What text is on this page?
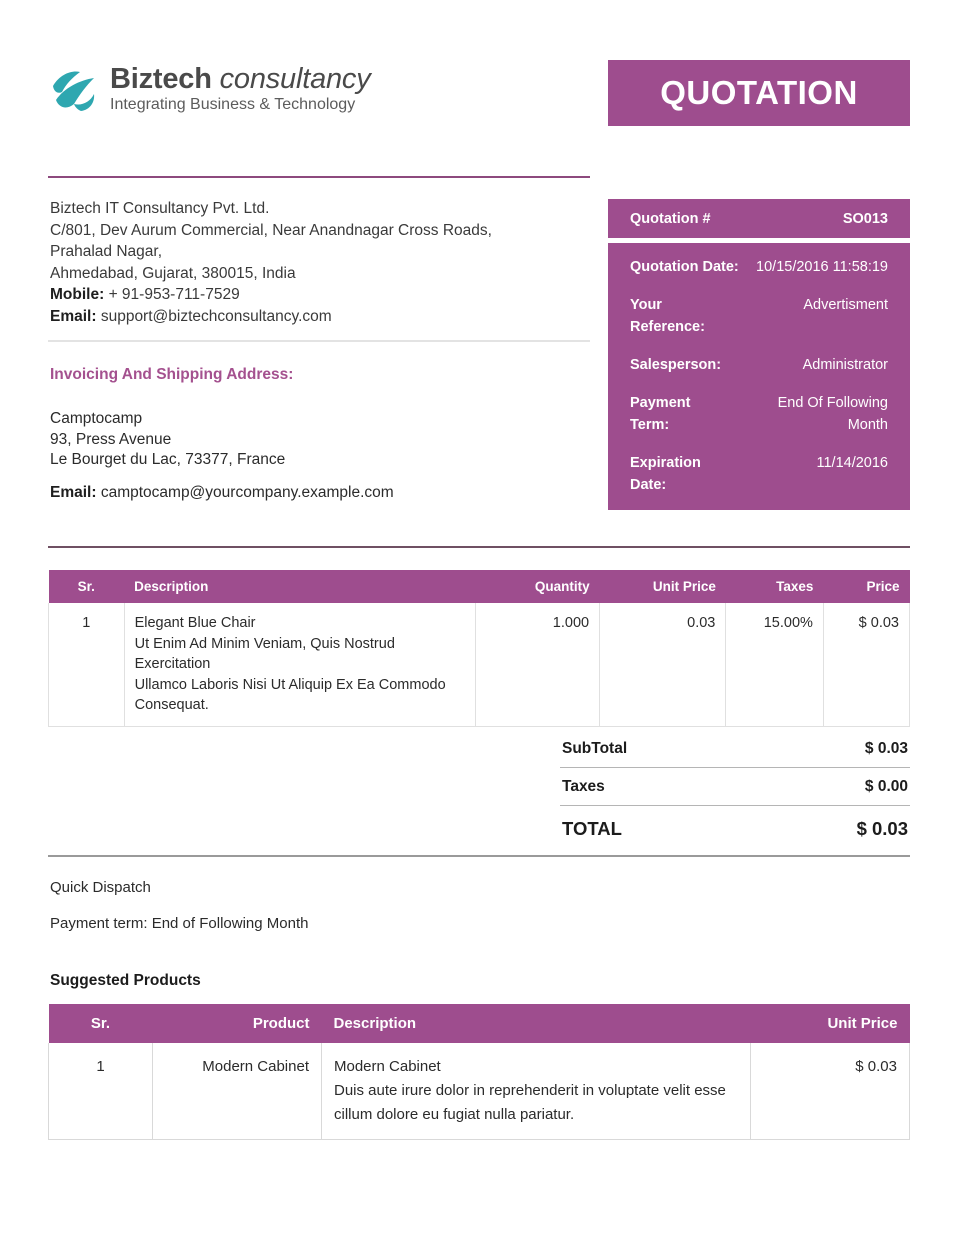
Biztech consultancy
Integrating Business & Technology	QUOTATION
Biztech IT Consultancy Pvt. Ltd.
C/801, Dev Aurum Commercial, Near Anandnagar Cross Roads,
Prahalad Nagar,
Ahmedabad, Gujarat, 380015, India
Mobile: + 91-953-711-7529
Email: support@biztechconsultancy.com
Invoicing And Shipping Address:
Camptocamp
93, Press Avenue
Le Bourget du Lac, 73377, France
Email: camptocamp@yourcompany.example.com
Quotation #	SO013
Quotation Date: 10/15/2016 11:58:19
Your Reference:
Advertisment
Salesperson:	Administrator
Payment Term:
End Of Following Month
Expiration Date:
11/14/2016
Sr.	Description	Quantity	Unit Price	Taxes	Price
1	Elegant Blue Chair
Ut Enim Ad Minim Veniam, Quis Nostrud Exercitation
Ullamco Laboris Nisi Ut Aliquip Ex Ea Commodo
Consequat.	1.000	0.03	15.00%	$ 0.03
SubTotal	$ 0.03
Taxes	$ 0.00
TOTAL	$ 0.03
Quick Dispatch
Payment term: End of Following Month
Suggested Products
Sr.	Product	Description	Unit Price
1	Modern Cabinet	Modern Cabinet
Duis aute irure dolor in reprehenderit in voluptate velit esse
cillum dolore eu fugiat nulla pariatur.	$ 0.03
